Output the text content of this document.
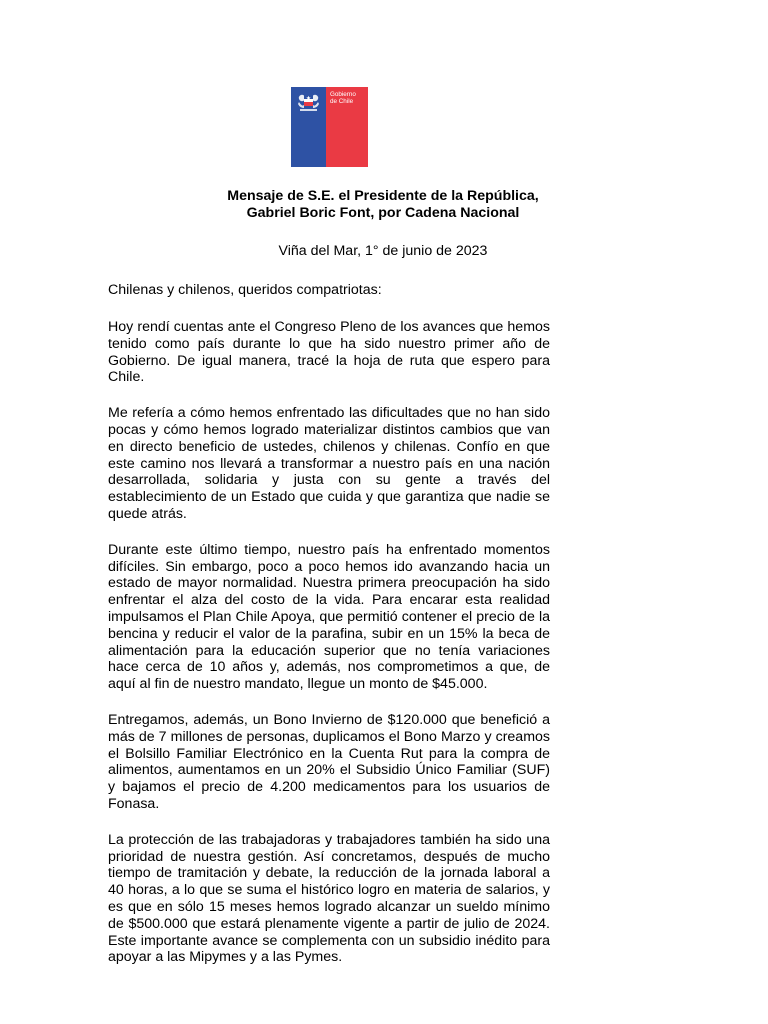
Gobierno
de Chile
Mensaje de S.E. el Presidente de la República,
Gabriel Boric Font, por Cadena Nacional
Viña del Mar, 1° de junio de 2023
Chilenas y chilenos, queridos compatriotas:

Hoy rendí cuentas ante el Congreso Pleno de los avances que hemos tenido como país durante lo que ha sido nuestro primer año de Gobierno. De igual manera, tracé la hoja de ruta que espero para Chile.

Me refería a cómo hemos enfrentado las dificultades que no han sido pocas y cómo hemos logrado materializar distintos cambios que van en directo beneficio de ustedes, chilenos y chilenas. Confío en que este camino nos llevará a transformar a nuestro país en una nación desarrollada, solidaria y justa con su gente a través del establecimiento de un Estado que cuida y que garantiza que nadie se quede atrás.

Durante este último tiempo, nuestro país ha enfrentado momentos difíciles. Sin embargo, poco a poco hemos ido avanzando hacia un estado de mayor normalidad. Nuestra primera preocupación ha sido enfrentar el alza del costo de la vida. Para encarar esta realidad impulsamos el Plan Chile Apoya, que permitió contener el precio de la bencina y reducir el valor de la parafina, subir en un 15% la beca de alimentación para la educación superior que no tenía variaciones hace cerca de 10 años y, además, nos comprometimos a que, de aquí al fin de nuestro mandato, llegue un monto de $45.000.

Entregamos, además, un Bono Invierno de $120.000 que benefició a más de 7 millones de personas, duplicamos el Bono Marzo y creamos el Bolsillo Familiar Electrónico en la Cuenta Rut para la compra de alimentos, aumentamos en un 20% el Subsidio Único Familiar (SUF) y bajamos el precio de 4.200 medicamentos para los usuarios de Fonasa.

La protección de las trabajadoras y trabajadores también ha sido una prioridad de nuestra gestión. Así concretamos, después de mucho tiempo de tramitación y debate, la reducción de la jornada laboral a 40 horas, a lo que se suma el histórico logro en materia de salarios, y es que en sólo 15 meses hemos logrado alcanzar un sueldo mínimo de $500.000 que estará plenamente vigente a partir de julio de 2024. Este importante avance se complementa con un subsidio inédito para apoyar a las Mipymes y a las Pymes.
